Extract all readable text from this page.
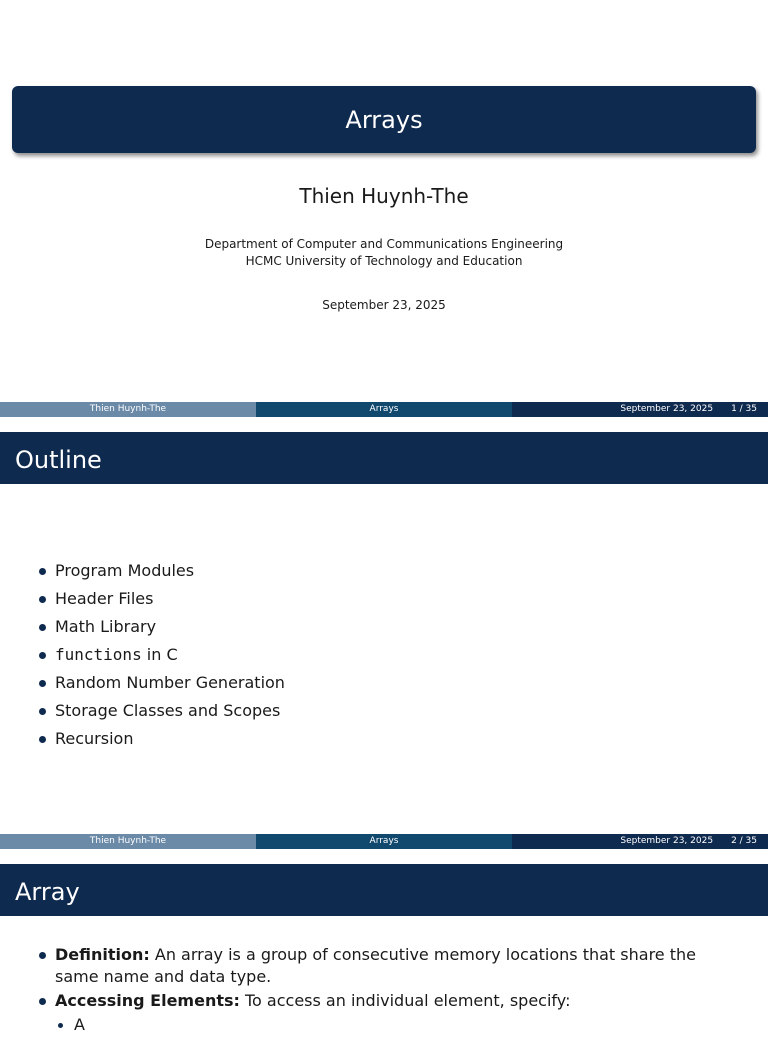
Arrays
Thien Huynh-The
Department of Computer and Communications Engineering
HCMC University of Technology and Education
September 23, 2025
Thien Huynh-The	Arrays	September 23, 2025 1 / 35
Outline
Program Modules
Header Files
Math Library
functions in C
Random Number Generation
Storage Classes and Scopes
Recursion
Thien Huynh-The	Arrays	September 23, 2025 2 / 35
Array
Definition: An array is a group of consecutive memory locations that share the same name and data type.
Accessing Elements: To access an individual element, specify:
A
